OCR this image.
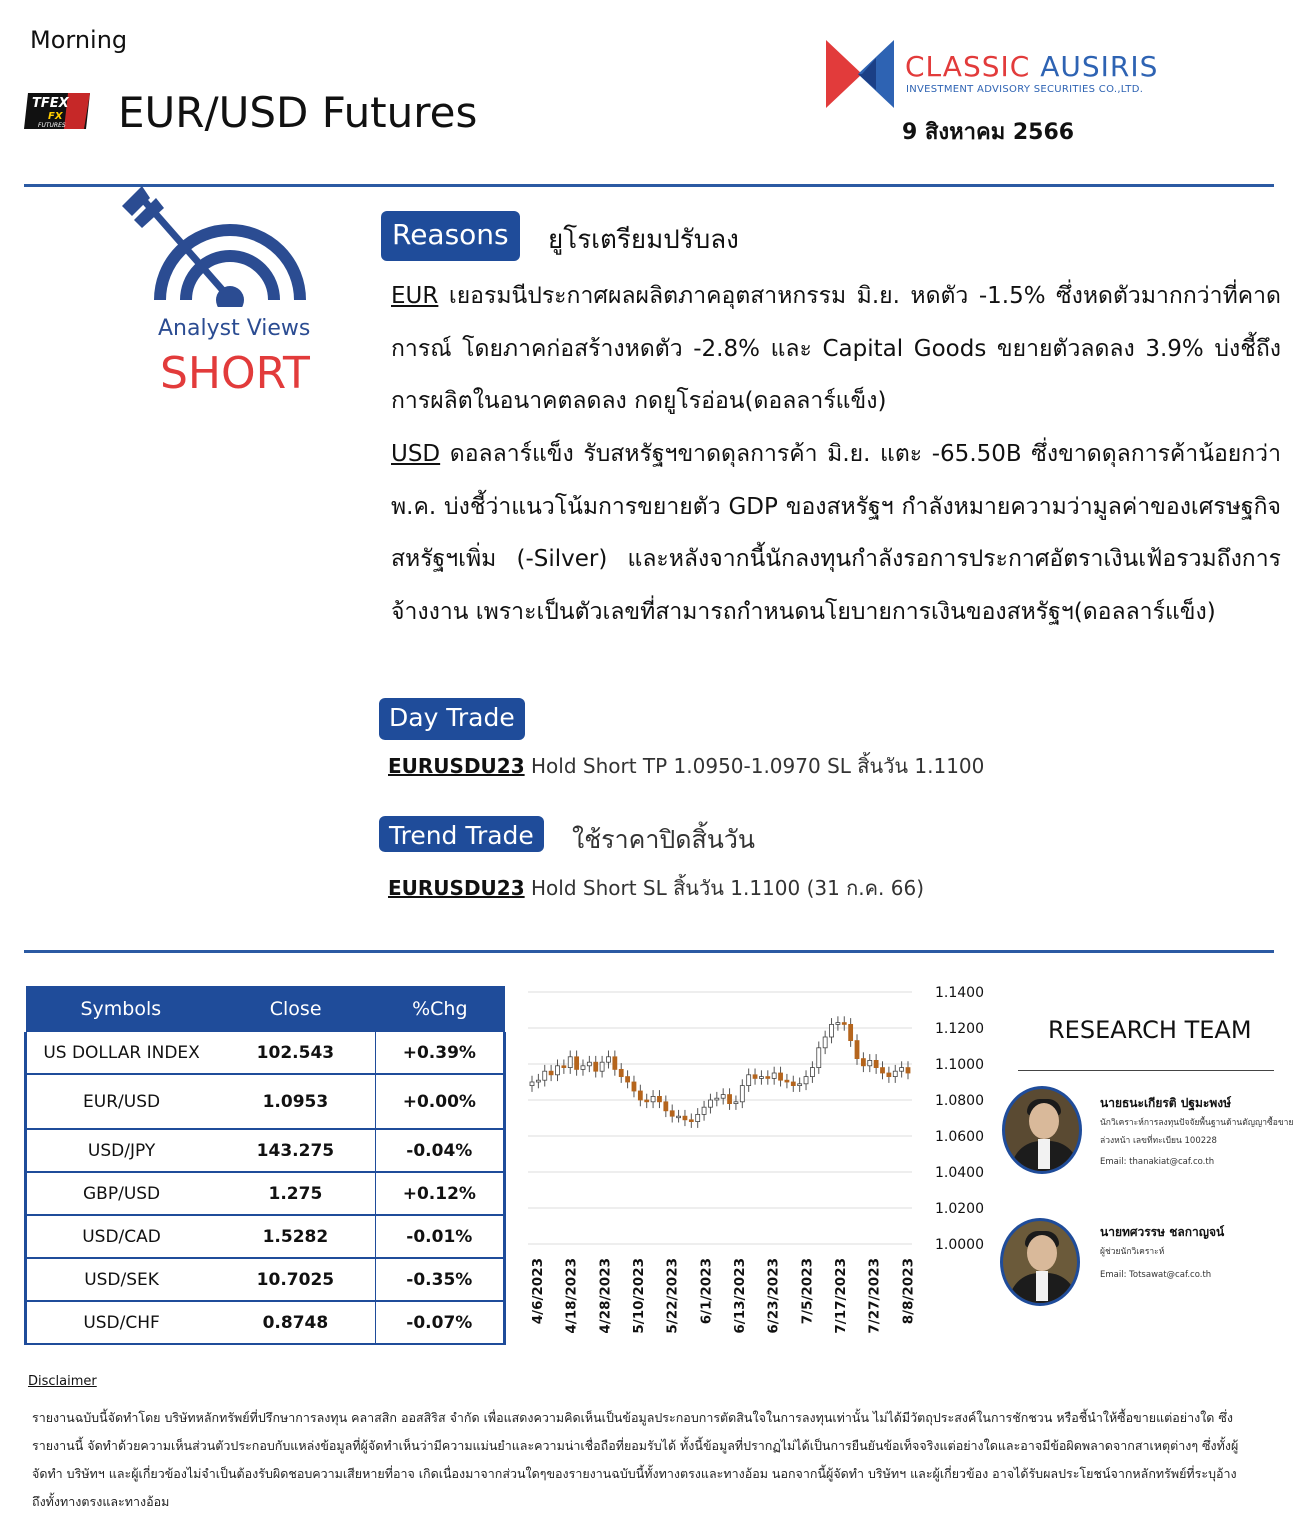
Morning
TFEX
FX
FUTURES EUR/USD Futures
CLASSIC AUSIRIS
INVESTMENT ADVISORY SECURITIES CO.,LTD.
9 สิงหาคม 2566
Analyst Views
SHORT
Reasons	ยูโรเตรียมปรับลง
EUR เยอรมนีประกาศผลผลิตภาคอุตสาหกรรม มิ.ย. หดตัว -1.5% ซึ่งหดตัวมากกว่าที่คาดการณ์ โดยภาคก่อสร้างหดตัว -2.8% และ Capital Goods ขยายตัวลดลง 3.9% บ่งชี้ถึงการผลิตในอนาคตลดลง กดยูโรอ่อน(ดอลลาร์แข็ง)
USD ดอลลาร์แข็ง รับสหรัฐฯขาดดุลการค้า มิ.ย. แตะ -65.50B ซึ่งขาดดุลการค้าน้อยกว่า พ.ค. บ่งชี้ว่าแนวโน้มการขยายตัว GDP ของสหรัฐฯ กำลังหมายความว่ามูลค่าของเศรษฐกิจสหรัฐฯเพิ่ม (-Silver) และหลังจากนี้นักลงทุนกำลังรอการประกาศอัตราเงินเฟ้อรวมถึงการจ้างงาน เพราะเป็นตัวเลขที่สามารถกำหนดนโยบายการเงินของสหรัฐฯ(ดอลลาร์แข็ง)
Day Trade
EURUSDU23 Hold Short TP 1.0950-1.0970 SL สิ้นวัน 1.1100
Trend Trade	ใช้ราคาปิดสิ้นวัน
EURUSDU23 Hold Short SL สิ้นวัน 1.1100 (31 ก.ค. 66)
Symbols	Close	%Chg
US DOLLAR INDEX	102.543	+0.39%
EUR/USD	1.0953	+0.00%
USD/JPY	143.275	-0.04%
GBP/USD	1.275	+0.12%
USD/CAD	1.5282	-0.01%
USD/SEK	10.7025	-0.35%
USD/CHF	0.8748	-0.07%
1.1400
1.1200
1.1000
1.0800
1.0600
1.0400
1.0200
1.0000
4/6/2023 4/18/2023 4/28/2023 5/10/2023 5/22/2023 6/1/2023 6/13/2023 6/23/2023 7/5/2023 7/17/2023 7/27/2023 8/8/2023
RESEARCH TEAM
นายธนะเกียรติ ปฐมะพงษ์
นักวิเคราะห์การลงทุนปัจจัยพื้นฐานด้านตัญญาซื้อขายล่วงหน้า เลขที่ทะเบียน 100228
Email: thanakiat@caf.co.th
นายทศวรรษ ชลกาญจน์
ผู้ช่วยนักวิเคราะห์
Email: Totsawat@caf.co.th
Disclaimer
รายงานฉบับนี้จัดทำโดย บริษัทหลักทรัพย์ที่ปรึกษาการลงทุน คลาสสิก ออสสิริส จำกัด เพื่อแสดงความคิดเห็นเป็นข้อมูลประกอบการตัดสินใจในการลงทุนเท่านั้น ไม่ได้มีวัตถุประสงค์ในการชักชวน หรือชี้นำให้ซื้อขายแต่อย่างใด ซึ่งรายงานนี้ จัดทำด้วยความเห็นส่วนตัวประกอบกับแหล่งข้อมูลที่ผู้จัดทำเห็นว่ามีความแม่นยำและความน่าเชื่อถือที่ยอมรับได้ ทั้งนี้ข้อมูลที่ปรากฏไม่ได้เป็นการยืนยันข้อเท็จจริงแต่อย่างใดและอาจมีข้อผิดพลาดจากสาเหตุต่างๆ ซึ่งทั้งผู้จัดทำ บริษัทฯ และผู้เกี่ยวข้องไม่จำเป็นต้องรับผิดชอบความเสียหายที่อาจ เกิดเนื่องมาจากส่วนใดๆของรายงานฉบับนี้ทั้งทางตรงและทางอ้อม นอกจากนี้ผู้จัดทำ บริษัทฯ และผู้เกี่ยวข้อง อาจได้รับผลประโยชน์จากหลักทรัพย์ที่ระบุอ้างถึงทั้งทางตรงและทางอ้อม
